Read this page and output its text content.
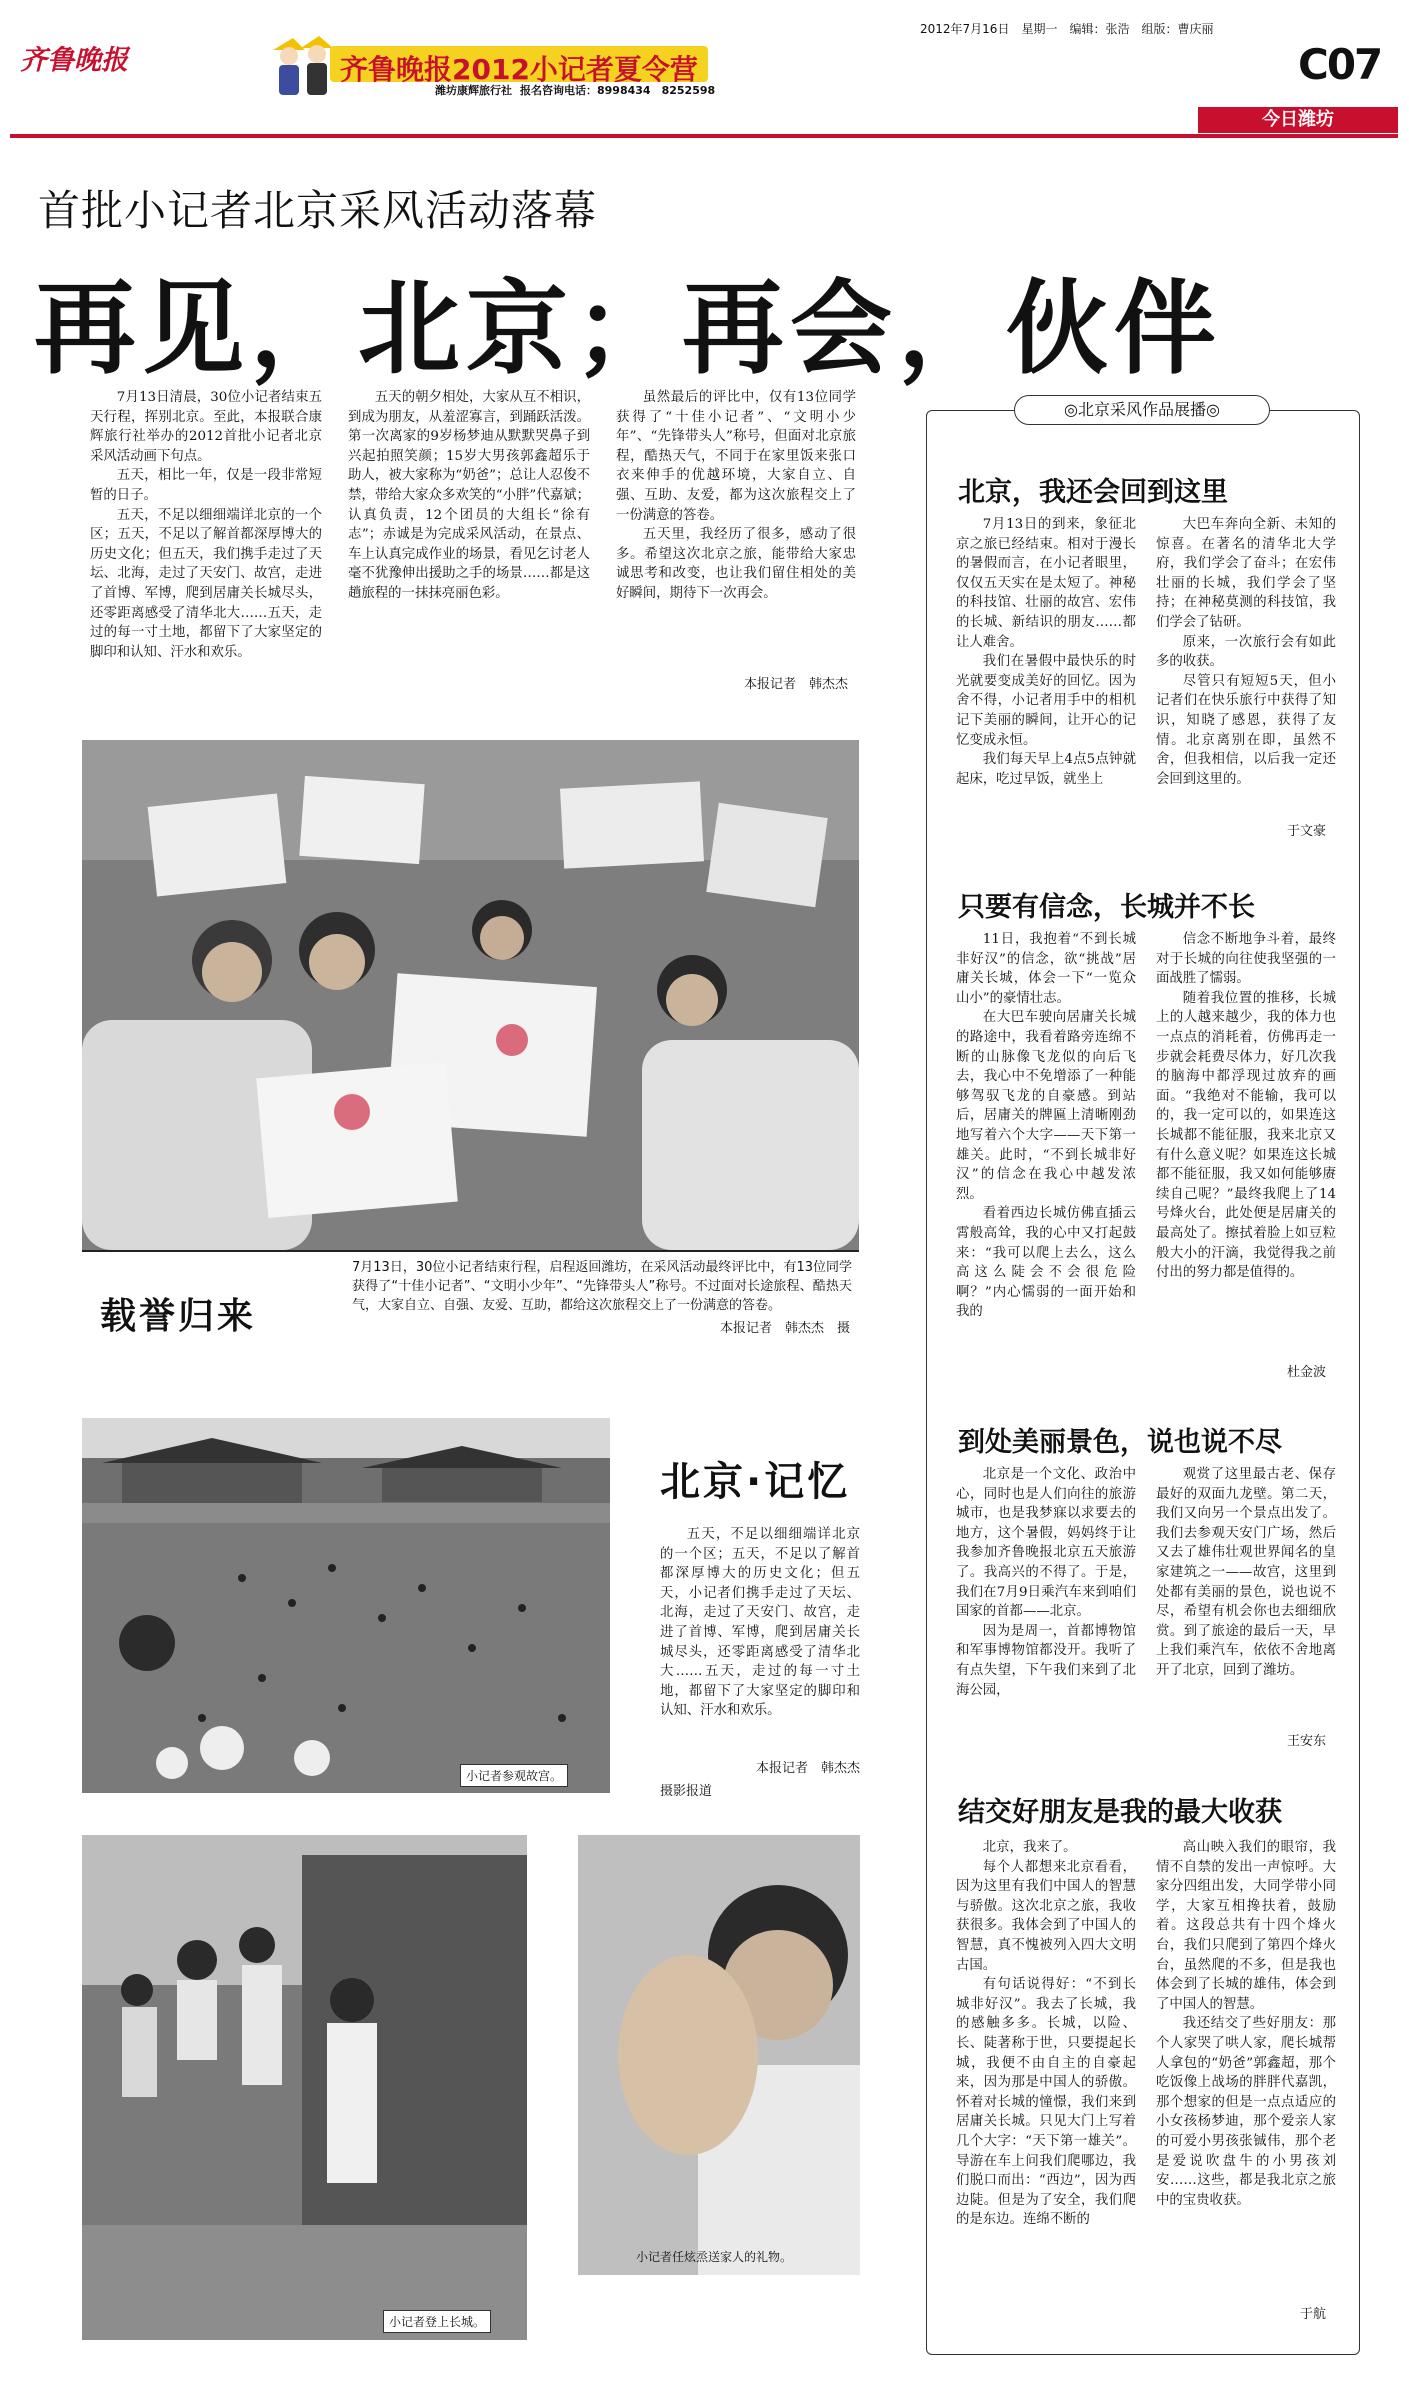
齐鲁晚报	齐鲁晚报2012小记者夏令营
潍坊康辉旅行社 报名咨询电话：8998434　8252598
2012年7月16日　 星期一　 编辑：张浩　 组版：曹庆丽
C07
今日潍坊
首批小记者北京采风活动落幕
再见，北京；再会，伙伴

7月13日清晨，30位小记者结束五天行程，挥别北京。至此，本报联合康辉旅行社举办的2012首批小记者北京采风活动画下句点。

五天，相比一年，仅是一段非常短暂的日子。

五天，不足以细细端详北京的一个区；五天，不足以了解首都深厚博大的历史文化；但五天，我们携手走过了天坛、北海，走过了天安门、故宫，走进了首博、军博，爬到居庸关长城尽头，还零距离感受了清华北大……五天，走过的每一寸土地，都留下了大家坚定的脚印和认知、汗水和欢乐。

五天的朝夕相处，大家从互不相识，到成为朋友，从羞涩寡言，到踊跃活泼。第一次离家的9岁杨梦迪从默默哭鼻子到兴起拍照笑颜；15岁大男孩郭鑫超乐于助人，被大家称为“奶爸”；总让人忍俊不禁，带给大家众多欢笑的“小胖”代嘉斌；认真负责，12个团员的大组长“徐有志”；赤诚是为完成采风活动，在景点、车上认真完成作业的场景，看见乞讨老人毫不犹豫伸出援助之手的场景……都是这趟旅程的一抹抹亮丽色彩。

虽然最后的评比中，仅有13位同学获得了“十佳小记者”、“文明小少年”、“先锋带头人”称号，但面对北京旅程，酷热天气，不同于在家里饭来张口衣来伸手的优越环境，大家自立、自强、互助、友爱，都为这次旅程交上了一份满意的答卷。

五天里，我经历了很多，感动了很多。希望这次北京之旅，能带给大家忠诚思考和改变，也让我们留住相处的美好瞬间，期待下一次再会。

本报记者　韩杰杰
载誉归来
7月13日，30位小记者结束行程，启程返回潍坊，在采风活动最终评比中，有13位同学获得了“十佳小记者”、“文明小少年”、“先锋带头人”称号。不过面对长途旅程、酷热天气，大家自立、自强、友爱、互助，都给这次旅程交上了一份满意的答卷。
本报记者　韩杰杰　摄
小记者参观故宫。
北京·记忆

五天，不足以细细端详北京的一个区；五天，不足以了解首都深厚博大的历史文化；但五天，小记者们携手走过了天坛、北海，走过了天安门、故宫，走进了首博、军博，爬到居庸关长城尽头，还零距离感受了清华北大……五天，走过的每一寸土地，都留下了大家坚定的脚印和认知、汗水和欢乐。

本报记者　韩杰杰
摄影报道
小记者登上长城。
小记者任炫烝送家人的礼物。
◎北京采风作品展播◎
北京，我还会回到这里

7月13日的到来，象征北京之旅已经结束。相对于漫长的暑假而言，在小记者眼里，仅仅五天实在是太短了。神秘的科技馆、壮丽的故宫、宏伟的长城、新结识的朋友……都让人难舍。

我们在暑假中最快乐的时光就要变成美好的回忆。因为舍不得，小记者用手中的相机记下美丽的瞬间，让开心的记忆变成永恒。

我们每天早上4点5点钟就起床，吃过早饭，就坐上

大巴车奔向全新、未知的惊喜。在著名的清华北大学府，我们学会了奋斗；在宏伟壮丽的长城，我们学会了坚持；在神秘莫测的科技馆，我们学会了钻研。

原来，一次旅行会有如此多的收获。

尽管只有短短5天，但小记者们在快乐旅行中获得了知识，知晓了感恩，获得了友情。北京离别在即，虽然不舍，但我相信，以后我一定还会回到这里的。

于文豪
只要有信念，长城并不长

11日，我抱着“不到长城非好汉”的信念，欲“挑战”居庸关长城，体会一下“一览众山小”的豪情壮志。

在大巴车驶向居庸关长城的路途中，我看着路旁连绵不断的山脉像飞龙似的向后飞去，我心中不免增添了一种能够驾驭飞龙的自豪感。到站后，居庸关的牌匾上清晰刚劲地写着六个大字——天下第一雄关。此时，“不到长城非好汉”的信念在我心中越发浓烈。

看着西边长城仿佛直插云霄般高耸，我的心中又打起鼓来：“我可以爬上去么，这么高这么陡会不会很危险啊？”内心懦弱的一面开始和我的

信念不断地争斗着，最终对于长城的向往使我坚强的一面战胜了懦弱。

随着我位置的推移，长城上的人越来越少，我的体力也一点点的消耗着，仿佛再走一步就会耗费尽体力，好几次我的脑海中都浮现过放弃的画面。“我绝对不能输，我可以的，我一定可以的，如果连这长城都不能征服，我来北京又有什么意义呢？如果连这长城都不能征服，我又如何能够赓续自己呢？”最终我爬上了14号烽火台，此处便是居庸关的最高处了。擦拭着脸上如豆粒般大小的汗滴，我觉得我之前付出的努力都是值得的。

杜金波
到处美丽景色，说也说不尽

北京是一个文化、政治中心，同时也是人们向往的旅游城市，也是我梦寐以求要去的地方，这个暑假，妈妈终于让我参加齐鲁晚报北京五天旅游了。我高兴的不得了。于是，我们在7月9日乘汽车来到咱们国家的首都——北京。

因为是周一，首都博物馆和军事博物馆都没开。我听了有点失望，下午我们来到了北海公园，

观赏了这里最古老、保存最好的双面九龙壁。第二天，我们又向另一个景点出发了。我们去参观天安门广场，然后又去了雄伟壮观世界闻名的皇家建筑之一——故宫，这里到处都有美丽的景色，说也说不尽，希望有机会你也去细细欣赏。到了旅途的最后一天，早上我们乘汽车，依依不舍地离开了北京，回到了潍坊。

王安东
结交好朋友是我的最大收获

北京，我来了。

每个人都想来北京看看，因为这里有我们中国人的智慧与骄傲。这次北京之旅，我收获很多。我体会到了中国人的智慧，真不愧被列入四大文明古国。

有句话说得好：“不到长城非好汉”。我去了长城，我的感触多多。长城，以险、长、陡著称于世，只要提起长城，我便不由自主的自豪起来，因为那是中国人的骄傲。怀着对长城的憧憬，我们来到居庸关长城。只见大门上写着几个大字：“天下第一雄关”。导游在车上问我们爬哪边，我们脱口而出：“西边”，因为西边陡。但是为了安全，我们爬的是东边。连绵不断的

高山映入我们的眼帘，我情不自禁的发出一声惊呼。大家分四组出发，大同学带小同学，大家互相搀扶着，鼓励着。这段总共有十四个烽火台，我们只爬到了第四个烽火台，虽然爬的不多，但是我也体会到了长城的雄伟，体会到了中国人的智慧。

我还结交了些好朋友：那个人家哭了哄人家，爬长城帮人拿包的“奶爸”郭鑫超，那个吃饭像上战场的胖胖代嘉凯，那个想家的但是一点点适应的小女孩杨梦迪，那个爱亲人家的可爱小男孩张铖伟，那个老是爱说吹盘牛的小男孩刘安……这些，都是我北京之旅中的宝贵收获。

于航
